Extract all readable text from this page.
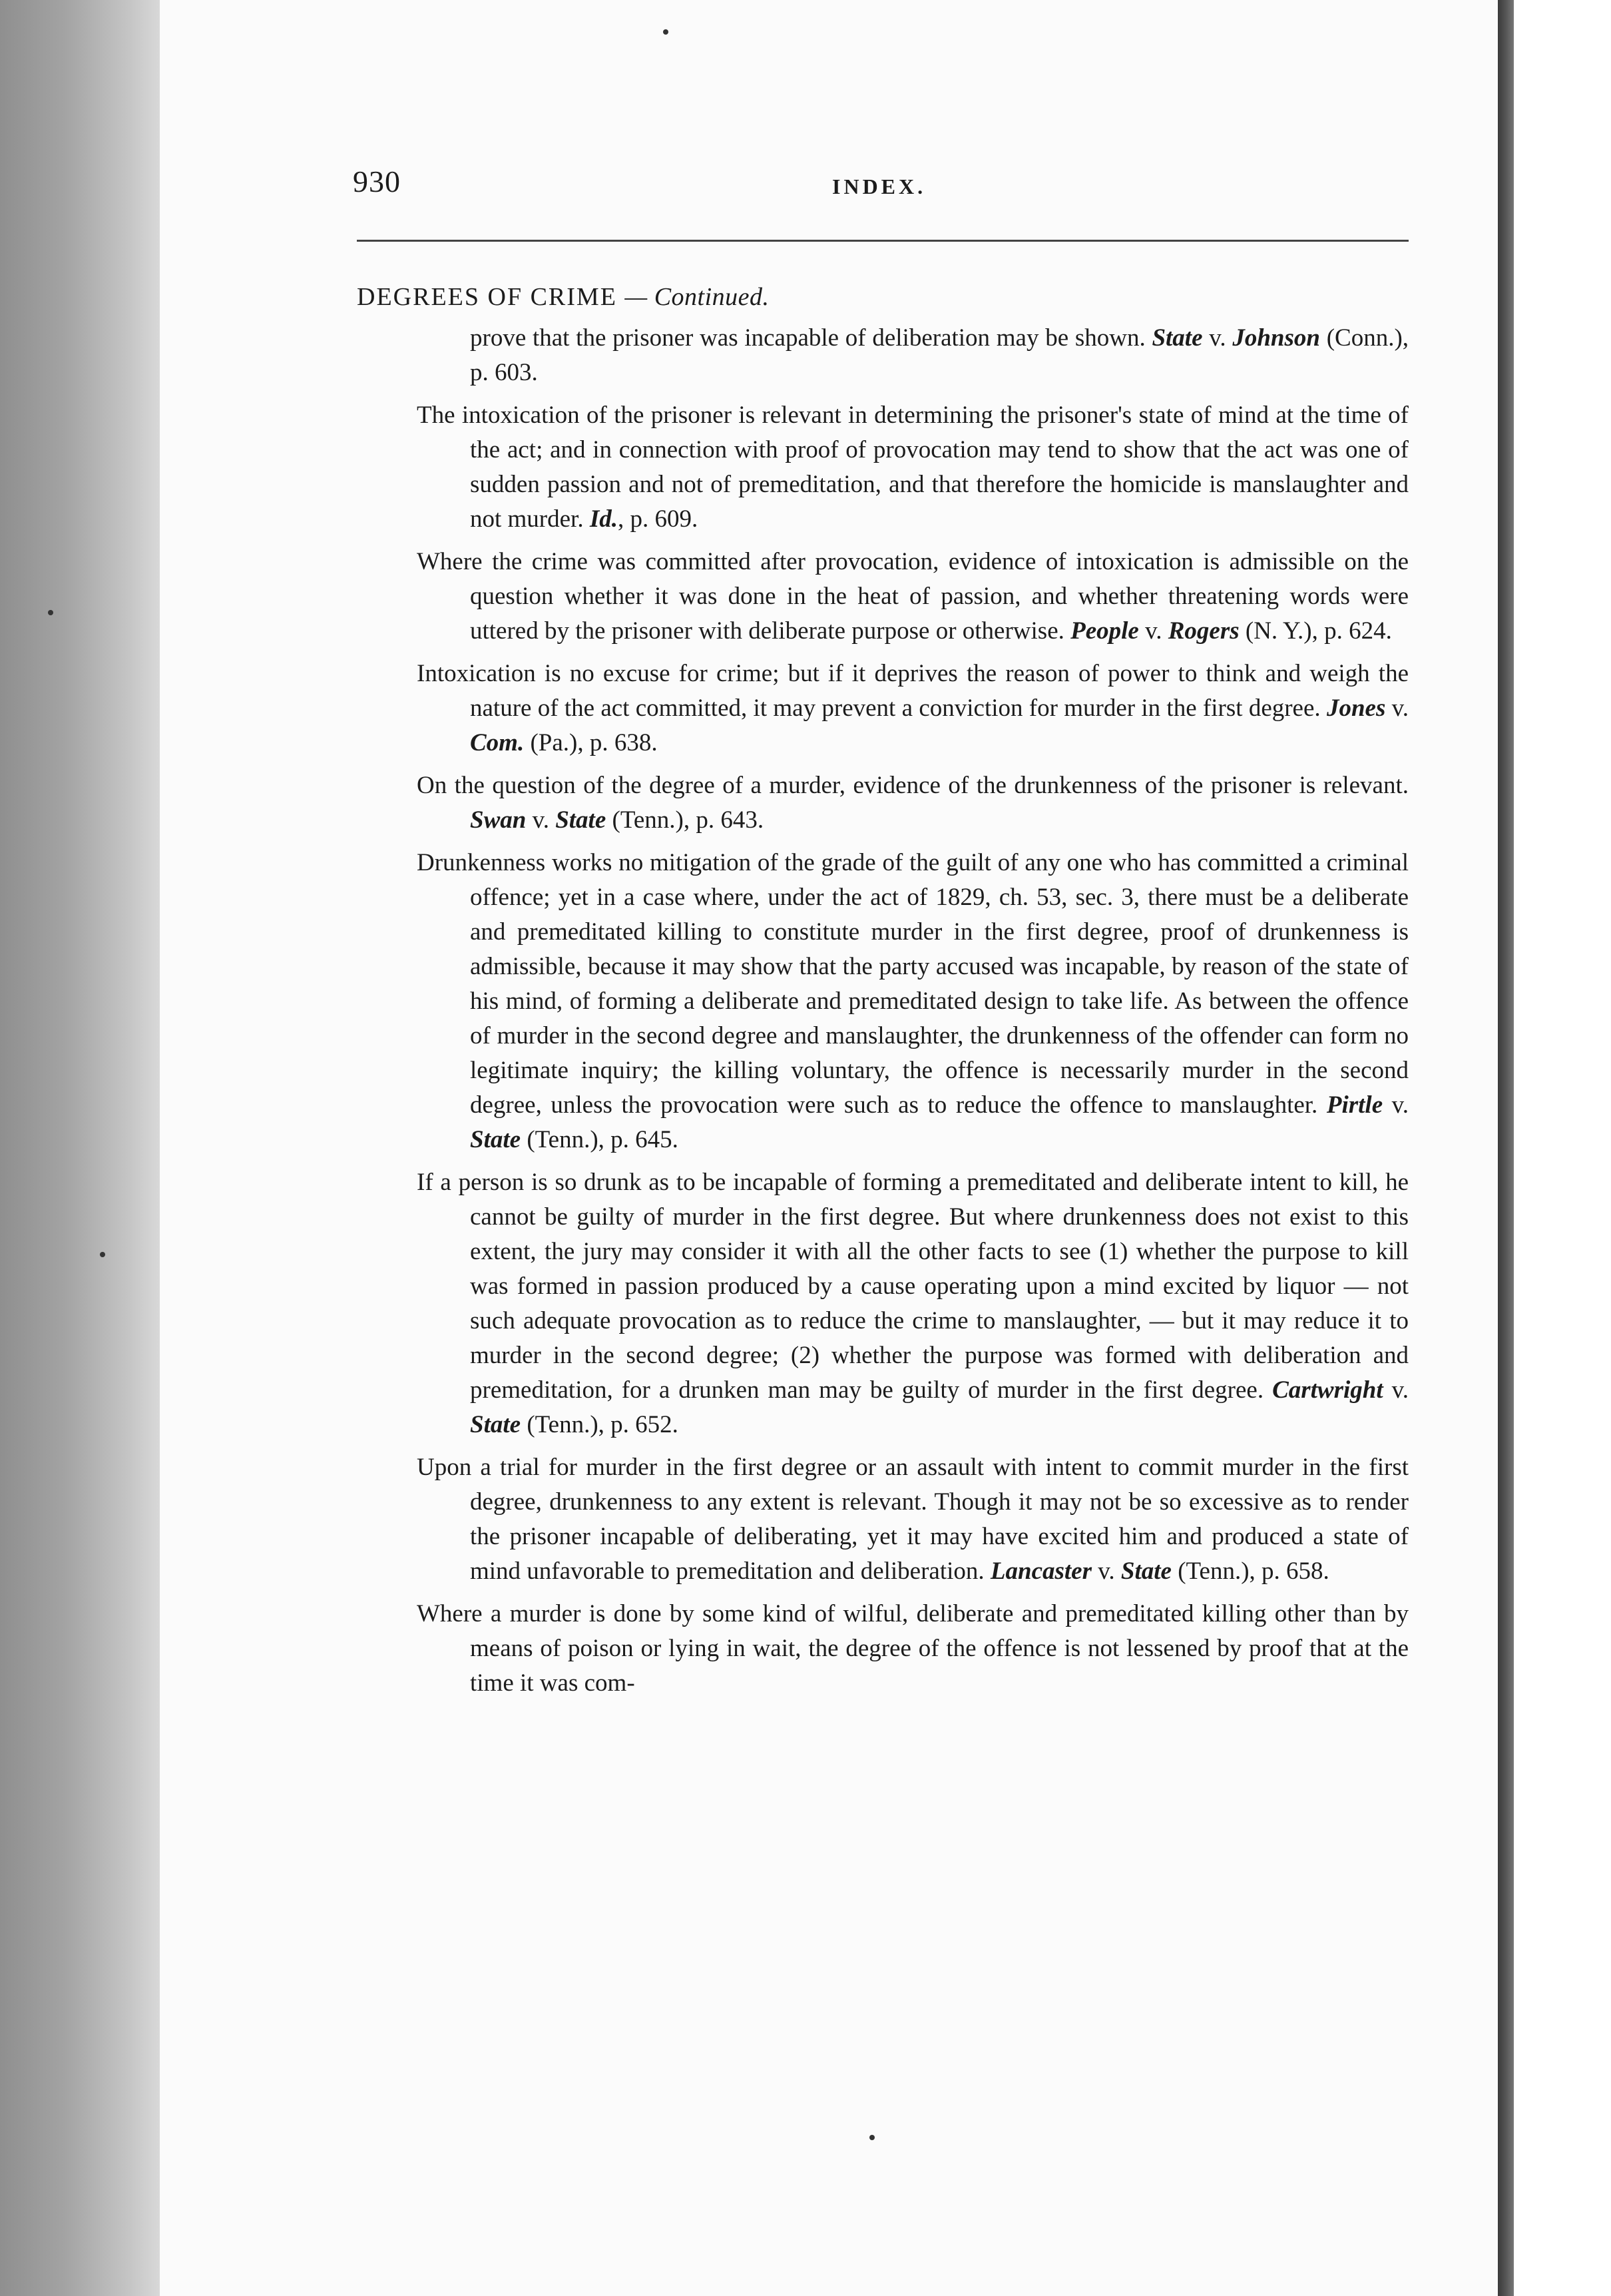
930	INDEX.
DEGREES OF CRIME — Continued.

prove that the prisoner was incapable of deliberation may be shown. State v. Johnson (Conn.), p. 603.

The intoxication of the prisoner is relevant in determining the prisoner's state of mind at the time of the act; and in connection with proof of provocation may tend to show that the act was one of sudden passion and not of premeditation, and that therefore the homicide is manslaughter and not murder. Id., p. 609.

Where the crime was committed after provocation, evidence of intoxication is admissible on the question whether it was done in the heat of passion, and whether threatening words were uttered by the prisoner with deliberate purpose or otherwise. People v. Rogers (N. Y.), p. 624.

Intoxication is no excuse for crime; but if it deprives the reason of power to think and weigh the nature of the act committed, it may prevent a conviction for murder in the first degree. Jones v. Com. (Pa.), p. 638.

On the question of the degree of a murder, evidence of the drunkenness of the prisoner is relevant. Swan v. State (Tenn.), p. 643.

Drunkenness works no mitigation of the grade of the guilt of any one who has committed a criminal offence; yet in a case where, under the act of 1829, ch. 53, sec. 3, there must be a deliberate and premeditated killing to constitute murder in the first degree, proof of drunkenness is admissible, because it may show that the party accused was incapable, by reason of the state of his mind, of forming a deliberate and premeditated design to take life. As between the offence of murder in the second degree and manslaughter, the drunkenness of the offender can form no legitimate inquiry; the killing voluntary, the offence is necessarily murder in the second degree, unless the provocation were such as to reduce the offence to manslaughter. Pirtle v. State (Tenn.), p. 645.

If a person is so drunk as to be incapable of forming a premeditated and deliberate intent to kill, he cannot be guilty of murder in the first degree. But where drunkenness does not exist to this extent, the jury may consider it with all the other facts to see (1) whether the purpose to kill was formed in passion produced by a cause operating upon a mind excited by liquor — not such adequate provocation as to reduce the crime to manslaughter, — but it may reduce it to murder in the second degree; (2) whether the purpose was formed with deliberation and premeditation, for a drunken man may be guilty of murder in the first degree. Cartwright v. State (Tenn.), p. 652.

Upon a trial for murder in the first degree or an assault with intent to commit murder in the first degree, drunkenness to any extent is relevant. Though it may not be so excessive as to render the prisoner incapable of deliberating, yet it may have excited him and produced a state of mind unfavorable to premeditation and deliberation. Lancaster v. State (Tenn.), p. 658.

Where a murder is done by some kind of wilful, deliberate and premeditated killing other than by means of poison or lying in wait, the degree of the offence is not lessened by proof that at the time it was com-
